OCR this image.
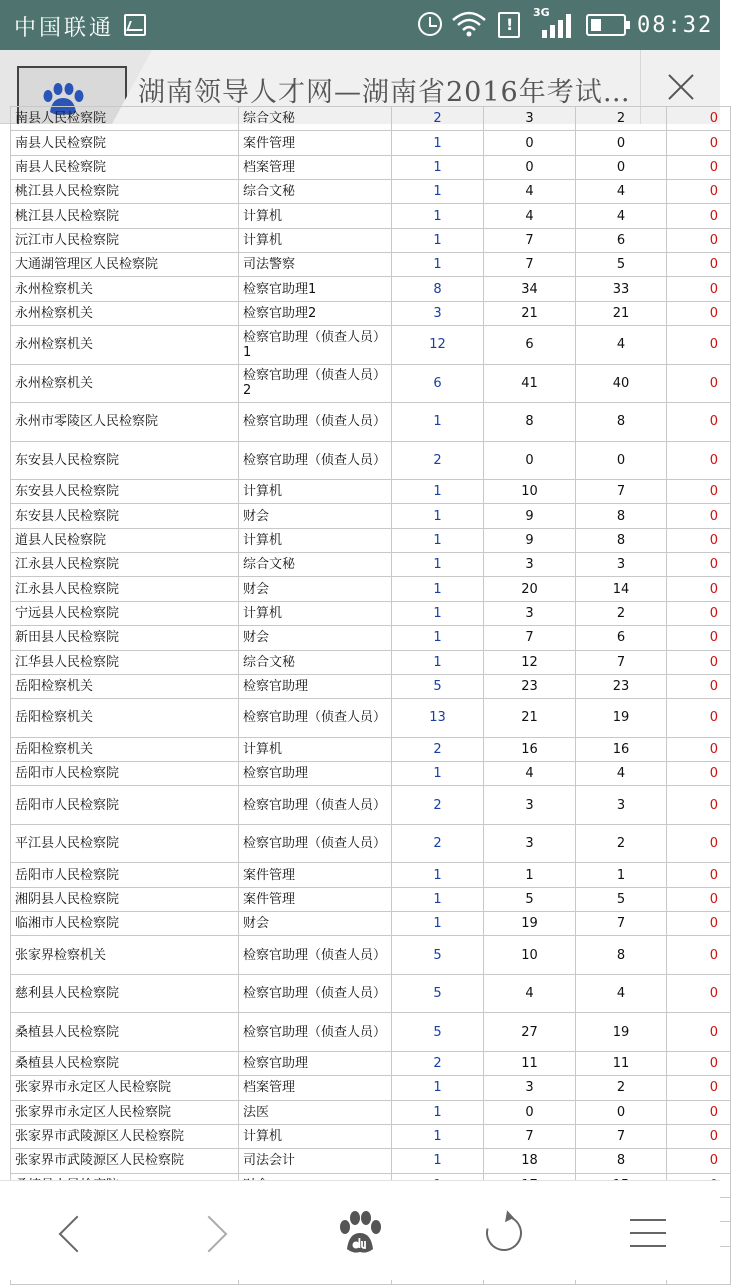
中国联通
!
3G
08:32
湖南领导人才网—湖南省2016年考试…
南县人民检察院	综合文秘	2	3	2	0
南县人民检察院	案件管理	1	0	0	0
南县人民检察院	档案管理	1	0	0	0
桃江县人民检察院	综合文秘	1	4	4	0
桃江县人民检察院	计算机	1	4	4	0
沅江市人民检察院	计算机	1	7	6	0
大通湖管理区人民检察院	司法警察	1	7	5	0
永州检察机关	检察官助理1	8	34	33	0
永州检察机关	检察官助理2	3	21	21	0
永州检察机关	检察官助理（侦查人员）1	12	6	4	0
永州检察机关	检察官助理（侦查人员）2	6	41	40	0
永州市零陵区人民检察院	检察官助理（侦查人员）	1	8	8	0
东安县人民检察院	检察官助理（侦查人员）	2	0	0	0
东安县人民检察院	计算机	1	10	7	0
东安县人民检察院	财会	1	9	8	0
道县人民检察院	计算机	1	9	8	0
江永县人民检察院	综合文秘	1	3	3	0
江永县人民检察院	财会	1	20	14	0
宁远县人民检察院	计算机	1	3	2	0
新田县人民检察院	财会	1	7	6	0
江华县人民检察院	综合文秘	1	12	7	0
岳阳检察机关	检察官助理	5	23	23	0
岳阳检察机关	检察官助理（侦查人员）	13	21	19	0
岳阳检察机关	计算机	2	16	16	0
岳阳市人民检察院	检察官助理	1	4	4	0
岳阳市人民检察院	检察官助理（侦查人员）	2	3	3	0
平江县人民检察院	检察官助理（侦查人员）	2	3	2	0
岳阳市人民检察院	案件管理	1	1	1	0
湘阴县人民检察院	案件管理	1	5	5	0
临湘市人民检察院	财会	1	19	7	0
张家界检察机关	检察官助理（侦查人员）	5	10	8	0
慈利县人民检察院	检察官助理（侦查人员）	5	4	4	0
桑植县人民检察院	检察官助理（侦查人员）	5	27	19	0
桑植县人民检察院	检察官助理	2	11	11	0
张家界市永定区人民检察院	档案管理	1	3	2	0
张家界市永定区人民检察院	法医	1	0	0	0
张家界市武陵源区人民检察院	计算机	1	7	7	0
张家界市武陵源区人民检察院	司法会计	1	18	8	0
